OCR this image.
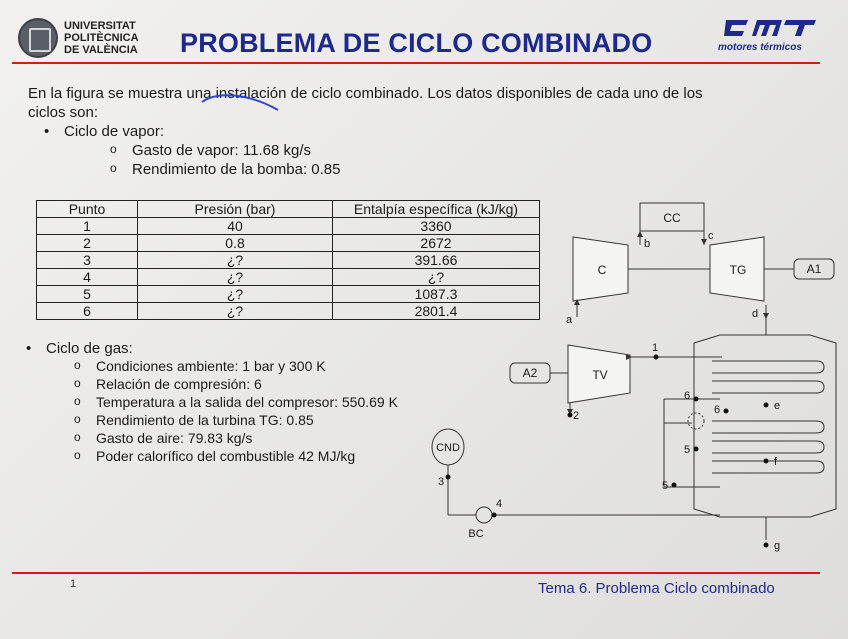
UNIVERSITAT
POLITÈCNICA
DE VALÈNCIA PROBLEMA DE CICLO COMBINADO	cmt
motores térmicos
En la figura se muestra una instalación de ciclo combinado. Los datos disponibles de cada uno de los ciclos son:
• Ciclo de vapor:
o Gasto de vapor: 11.68 kg/s
o Rendimiento de la bomba: 0.85
Punto	Presión (bar)	Entalpía específica (kJ/kg)
1	40	3360
2	0.8	2672
3	¿?	391.66
4	¿?	¿?
5	¿?	1087.3
6	¿?	2801.4
• Ciclo de gas:
o Condiciones ambiente: 1 bar y 300 K
o Relación de compresión: 6
o Temperatura a la salida del compresor: 550.69 K
o Rendimiento de la turbina TG: 0.85
o Gasto de aire: 79.83 kg/s
o Poder calorífico del combustible 42 MJ/kg
CC
C	TG	A1
A2	TV
CND
BC
a
b
c
d
e
f
g
1
2
3
4
5
5
6
6
1	Tema 6. Problema Ciclo combinado
